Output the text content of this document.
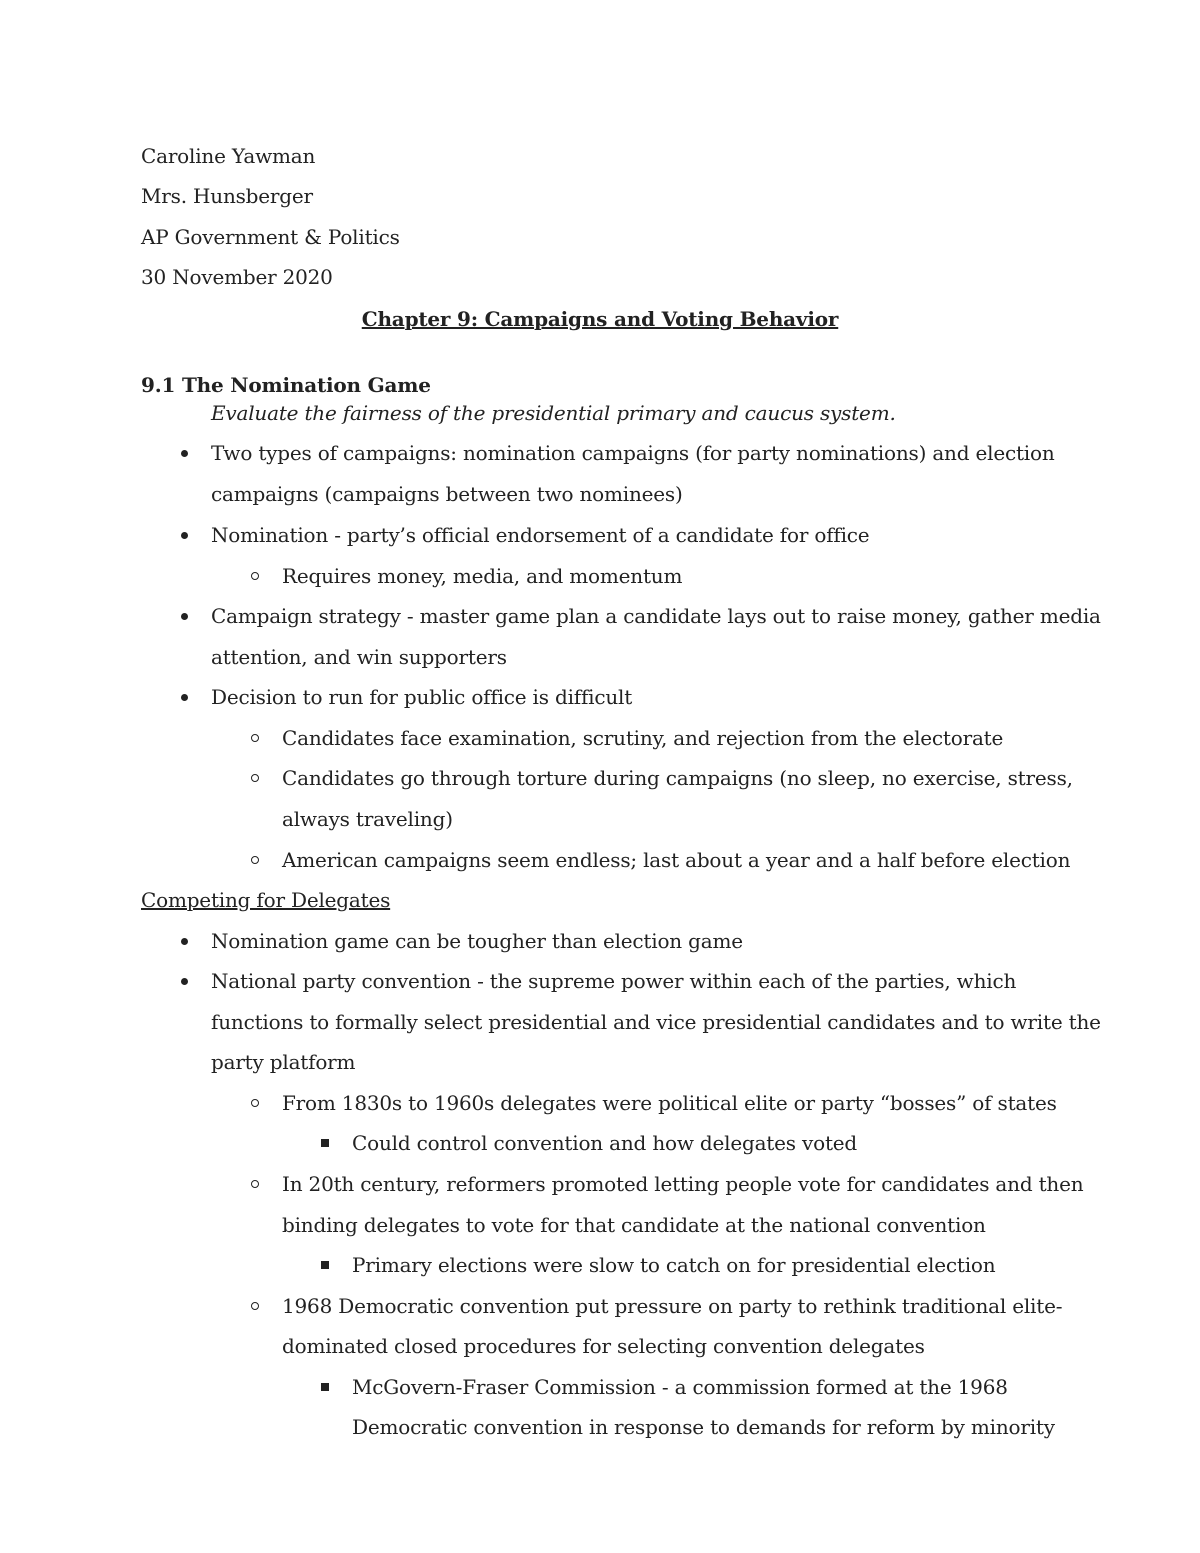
Caroline Yawman
Mrs. Hunsberger
AP Government & Politics
30 November 2020
Chapter 9: Campaigns and Voting Behavior
9.1 The Nomination Game
Evaluate the fairness of the presidential primary and caucus system.
Two types of campaigns: nomination campaigns (for party nominations) and election
campaigns (campaigns between two nominees)
Nomination - party’s official endorsement of a candidate for office
Requires money, media, and momentum
Campaign strategy - master game plan a candidate lays out to raise money, gather media
attention, and win supporters
Decision to run for public office is difficult
Candidates face examination, scrutiny, and rejection from the electorate
Candidates go through torture during campaigns (no sleep, no exercise, stress,
always traveling)
American campaigns seem endless; last about a year and a half before election
Competing for Delegates
Nomination game can be tougher than election game
National party convention - the supreme power within each of the parties, which
functions to formally select presidential and vice presidential candidates and to write the
party platform
From 1830s to 1960s delegates were political elite or party “bosses” of states
Could control convention and how delegates voted
In 20th century, reformers promoted letting people vote for candidates and then
binding delegates to vote for that candidate at the national convention
Primary elections were slow to catch on for presidential election
1968 Democratic convention put pressure on party to rethink traditional elite-
dominated closed procedures for selecting convention delegates
McGovern-Fraser Commission - a commission formed at the 1968
Democratic convention in response to demands for reform by minority
